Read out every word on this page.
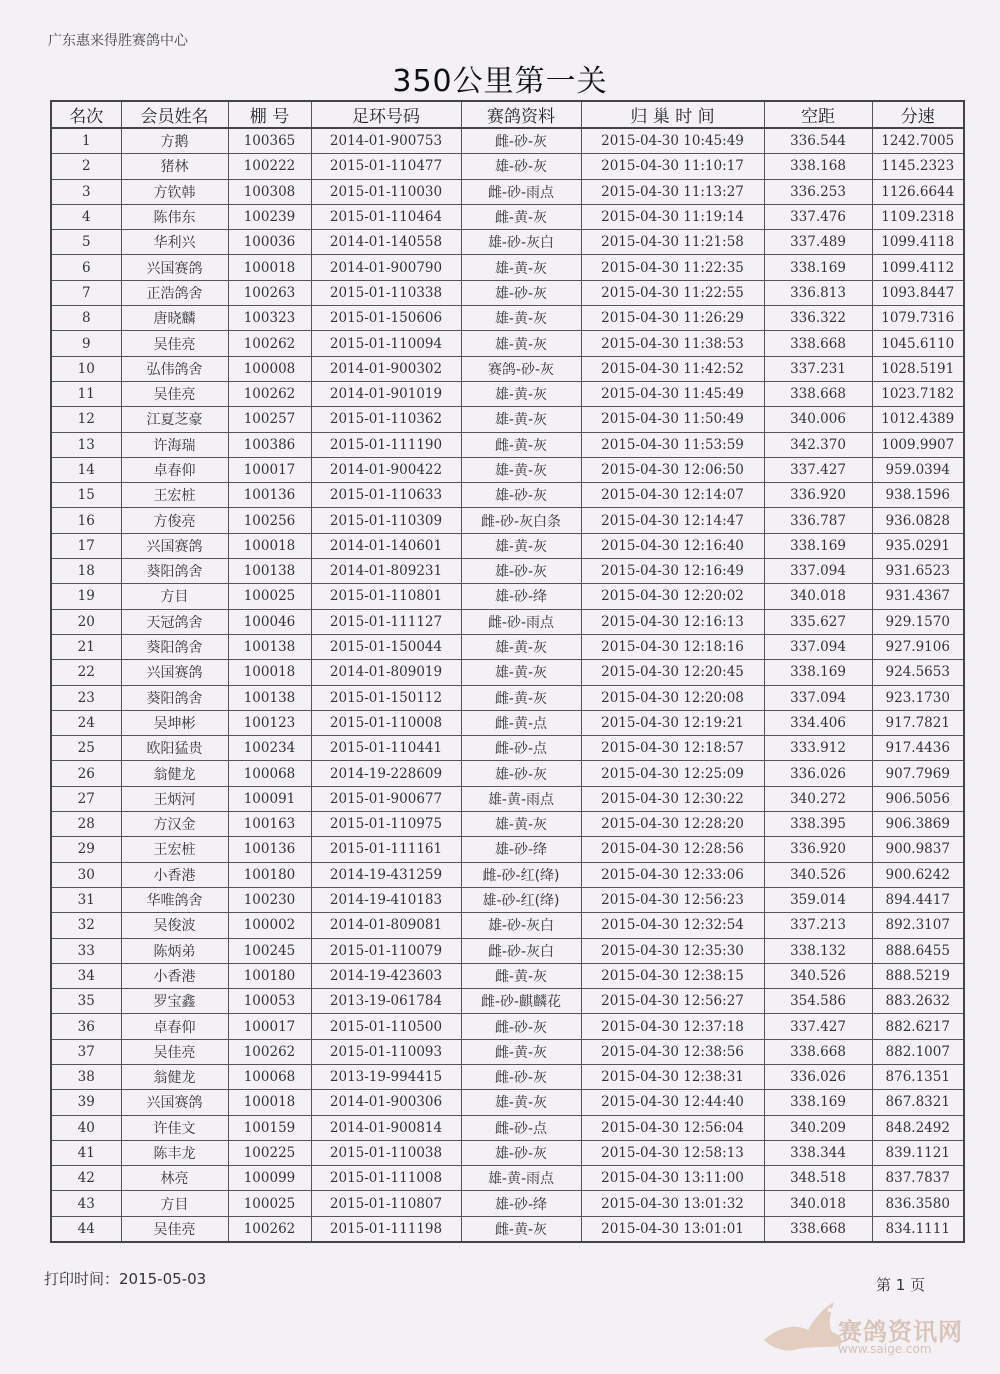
广东惠来得胜赛鸽中心
350公里第一关
名次	会员姓名	棚 号	足环号码	赛鸽资料	归 巢 时 间	空距	分速
1	方鹅	100365	2014-01-900753	雌-砂-灰	2015-04-30 10:45:49	336.544	1242.7005
2	猪林	100222	2015-01-110477	雄-砂-灰	2015-04-30 11:10:17	338.168	1145.2323
3	方钦韩	100308	2015-01-110030	雌-砂-雨点	2015-04-30 11:13:27	336.253	1126.6644
4	陈伟东	100239	2015-01-110464	雌-黄-灰	2015-04-30 11:19:14	337.476	1109.2318
5	华利兴	100036	2014-01-140558	雄-砂-灰白	2015-04-30 11:21:58	337.489	1099.4118
6	兴国赛鸽	100018	2014-01-900790	雄-黄-灰	2015-04-30 11:22:35	338.169	1099.4112
7	正浩鸽舍	100263	2015-01-110338	雄-砂-灰	2015-04-30 11:22:55	336.813	1093.8447
8	唐晓麟	100323	2015-01-150606	雄-黄-灰	2015-04-30 11:26:29	336.322	1079.7316
9	吴佳亮	100262	2015-01-110094	雄-黄-灰	2015-04-30 11:38:53	338.668	1045.6110
10	弘伟鸽舍	100008	2014-01-900302	赛鸽-砂-灰	2015-04-30 11:42:52	337.231	1028.5191
11	吴佳亮	100262	2014-01-901019	雄-黄-灰	2015-04-30 11:45:49	338.668	1023.7182
12	江夏芝豪	100257	2015-01-110362	雄-黄-灰	2015-04-30 11:50:49	340.006	1012.4389
13	许海瑞	100386	2015-01-111190	雌-黄-灰	2015-04-30 11:53:59	342.370	1009.9907
14	卓春仰	100017	2014-01-900422	雄-黄-灰	2015-04-30 12:06:50	337.427	959.0394
15	王宏桩	100136	2015-01-110633	雄-砂-灰	2015-04-30 12:14:07	336.920	938.1596
16	方俊亮	100256	2015-01-110309	雌-砂-灰白条	2015-04-30 12:14:47	336.787	936.0828
17	兴国赛鸽	100018	2014-01-140601	雄-黄-灰	2015-04-30 12:16:40	338.169	935.0291
18	葵阳鸽舍	100138	2014-01-809231	雄-砂-灰	2015-04-30 12:16:49	337.094	931.6523
19	方目	100025	2015-01-110801	雄-砂-绛	2015-04-30 12:20:02	340.018	931.4367
20	天冠鸽舍	100046	2015-01-111127	雌-砂-雨点	2015-04-30 12:16:13	335.627	929.1570
21	葵阳鸽舍	100138	2015-01-150044	雄-黄-灰	2015-04-30 12:18:16	337.094	927.9106
22	兴国赛鸽	100018	2014-01-809019	雄-黄-灰	2015-04-30 12:20:45	338.169	924.5653
23	葵阳鸽舍	100138	2015-01-150112	雌-黄-灰	2015-04-30 12:20:08	337.094	923.1730
24	吴坤彬	100123	2015-01-110008	雌-黄-点	2015-04-30 12:19:21	334.406	917.7821
25	欧阳猛贵	100234	2015-01-110441	雌-砂-点	2015-04-30 12:18:57	333.912	917.4436
26	翁健龙	100068	2014-19-228609	雄-砂-灰	2015-04-30 12:25:09	336.026	907.7969
27	王炳河	100091	2015-01-900677	雄-黄-雨点	2015-04-30 12:30:22	340.272	906.5056
28	方汉金	100163	2015-01-110975	雄-黄-灰	2015-04-30 12:28:20	338.395	906.3869
29	王宏桩	100136	2015-01-111161	雄-砂-绛	2015-04-30 12:28:56	336.920	900.9837
30	小香港	100180	2014-19-431259	雌-砂-红(绛)	2015-04-30 12:33:06	340.526	900.6242
31	华唯鸽舍	100230	2014-19-410183	雄-砂-红(绛)	2015-04-30 12:56:23	359.014	894.4417
32	吴俊波	100002	2014-01-809081	雄-砂-灰白	2015-04-30 12:32:54	337.213	892.3107
33	陈炳弟	100245	2015-01-110079	雌-砂-灰白	2015-04-30 12:35:30	338.132	888.6455
34	小香港	100180	2014-19-423603	雌-黄-灰	2015-04-30 12:38:15	340.526	888.5219
35	罗宝鑫	100053	2013-19-061784	雌-砂-麒麟花	2015-04-30 12:56:27	354.586	883.2632
36	卓春仰	100017	2015-01-110500	雌-砂-灰	2015-04-30 12:37:18	337.427	882.6217
37	吴佳亮	100262	2015-01-110093	雌-黄-灰	2015-04-30 12:38:56	338.668	882.1007
38	翁健龙	100068	2013-19-994415	雌-砂-灰	2015-04-30 12:38:31	336.026	876.1351
39	兴国赛鸽	100018	2014-01-900306	雄-黄-灰	2015-04-30 12:44:40	338.169	867.8321
40	许佳文	100159	2014-01-900814	雌-砂-点	2015-04-30 12:56:04	340.209	848.2492
41	陈丰龙	100225	2015-01-110038	雄-砂-灰	2015-04-30 12:58:13	338.344	839.1121
42	林亮	100099	2015-01-111008	雄-黄-雨点	2015-04-30 13:11:00	348.518	837.7837
43	方目	100025	2015-01-110807	雄-砂-绛	2015-04-30 13:01:32	340.018	836.3580
44	吴佳亮	100262	2015-01-111198	雌-黄-灰	2015-04-30 13:01:01	338.668	834.1111
打印时间：2015-05-03	第 1 页
赛鸽资讯网
www.saige.com
